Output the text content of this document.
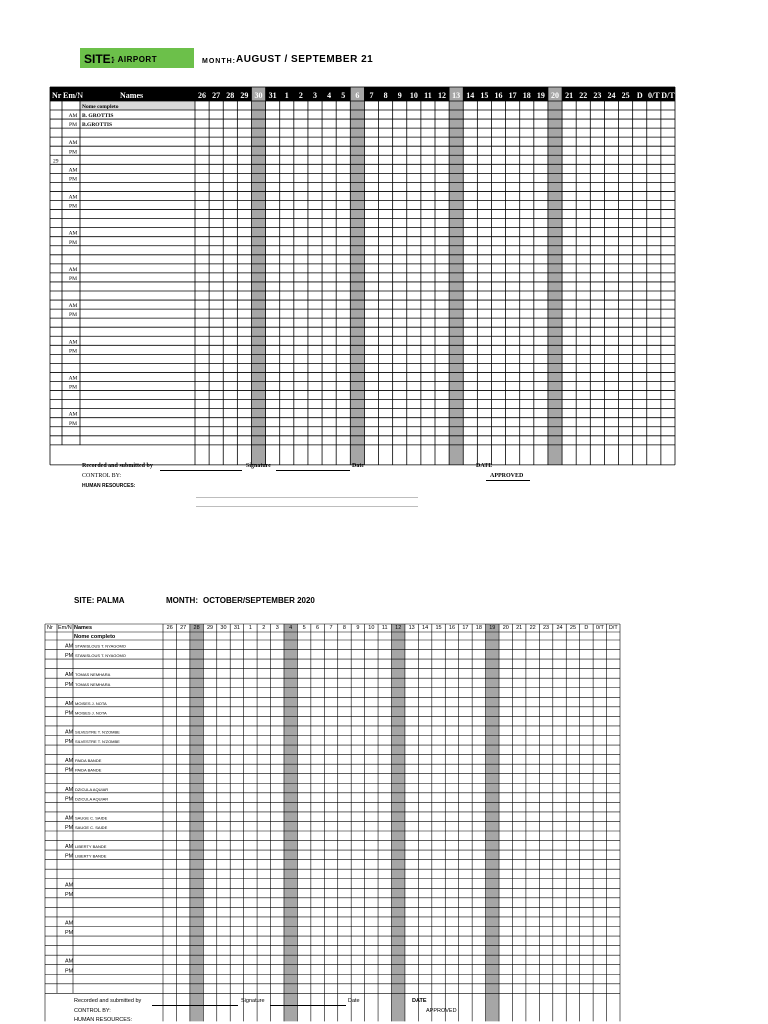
SITE:
- AIRPORT	MONTH: AUGUST / SEPTEMBER 21
Nr Em/N	Names	26 27 28 29 30 31 1 2 3 4 5 6 7 8 9 10 11 12 13 14 15 16 17 18 19 20 21 22 23 24 25 D 0/T D/T
Nome completo
AM B. GROTTIS
PM B.GROTTIS
AM
PM
29
AM
PM
AM
PM
AM
PM
AM
PM
AM
PM
AM
PM
AM
PM
AM
PM
Recorded and submitted by	Signature	Date	DATE
CONTROL BY:	APPROVED
HUMAN RESOURCES:
SITE: PALMA	MONTH: OCTOBER/SEPTEMBER 2020
Nr Em/N Names	26 27 28 29 30 31 1 2 3 4 5 6 7 8 9 10 11 12 13 14 15 16 17 18 19 20 21 22 23 24 25 D 0/T D/T
Nome completo
AM STANISLOUS T. NYAGOMO
PM STANISLOUS T. NYAGOMO
AM TOMAS NEMHARA
PM TOMAS NEMHARA
AM MOISES J. NOTA
PM MOISES J. NOTA
AM SILVESTRE T. N'ZOMBE
PM SILVESTRE T. N'ZOMBE
AM PAIDA BANDE
PM PAIDA BANDE
AM DZICULA AQUIAR
PM DZICULA AQUIAR
AM SAUGE C. SAIDE
PM SAUGE C. SAIDE
AM LIBERTY BANDE
PM LIBERTY BANDE
AM
PM
AM
PM
AM
PM
Recorded and submitted by	Signature	Date	DATE
CONTROL BY:	APPROVED
HUMAN RESOURCES:
